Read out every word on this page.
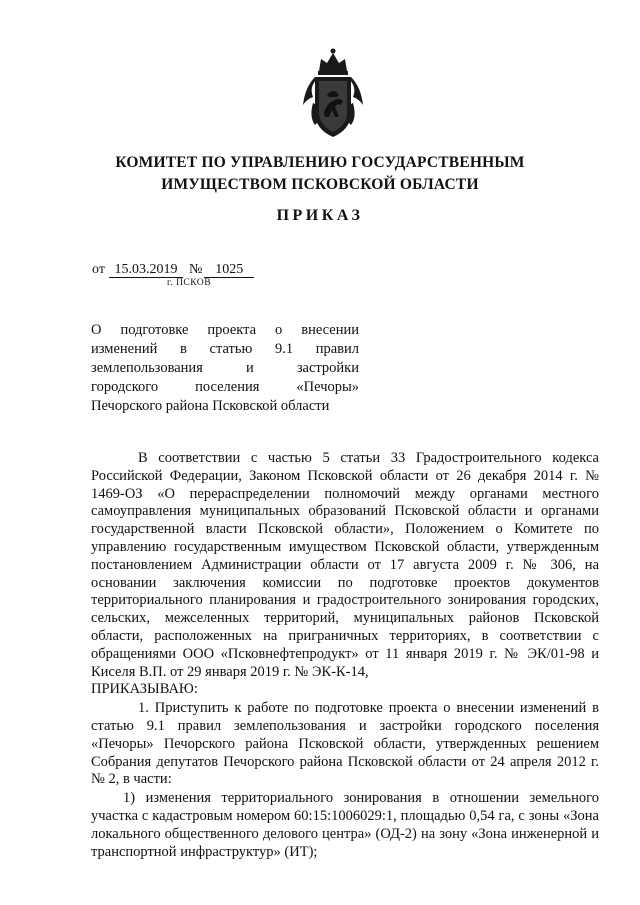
КОМИТЕТ ПО УПРАВЛЕНИЮ ГОСУДАРСТВЕННЫМ
ИМУЩЕСТВОМ ПСКОВСКОЙ ОБЛАСТИ
ПРИКАЗ
от 15.03.2019 № 1025
г. ПСКОВ
О подготовке проекта о внесении
изменений в статью 9.1 правил
землепользования и застройки
городского поселения «Печоры»
Печорского района Псковской области

В соответствии с частью 5 статьи 33 Градостроительного кодекса Российской Федерации, Законом Псковской области от 26 декабря 2014 г. № 1469-ОЗ «О перераспределении полномочий между органами местного самоуправления муниципальных образований Псковской области и органами государственной власти Псковской области», Положением о Комитете по управлению государственным имуществом Псковской области, утвержденным постановлением Администрации области от 17 августа 2009 г. № 306, на основании заключения комиссии по подготовке проектов документов территориального планирования и градостроительного зонирования городских, сельских, межселенных территорий, муниципальных районов Псковской области, расположенных на приграничных территориях, в соответствии с обращениями ООО «Псковнефтепродукт» от 11 января 2019 г. № ЭК/01-98 и Киселя В.П. от 29 января 2019 г. № ЭК-К-14,

ПРИКАЗЫВАЮ:

1. Приступить к работе по подготовке проекта о внесении изменений в статью 9.1 правил землепользования и застройки городского поселения «Печоры» Печорского района Псковской области, утвержденных решением Собрания депутатов Печорского района Псковской области от 24 апреля 2012 г. № 2, в части:

1) изменения территориального зонирования в отношении земельного участка с кадастровым номером 60:15:1006029:1, площадью 0,54 га, с зоны «Зона локального общественного делового центра» (ОД-2) на зону «Зона инженерной и транспортной инфраструктур» (ИТ);
